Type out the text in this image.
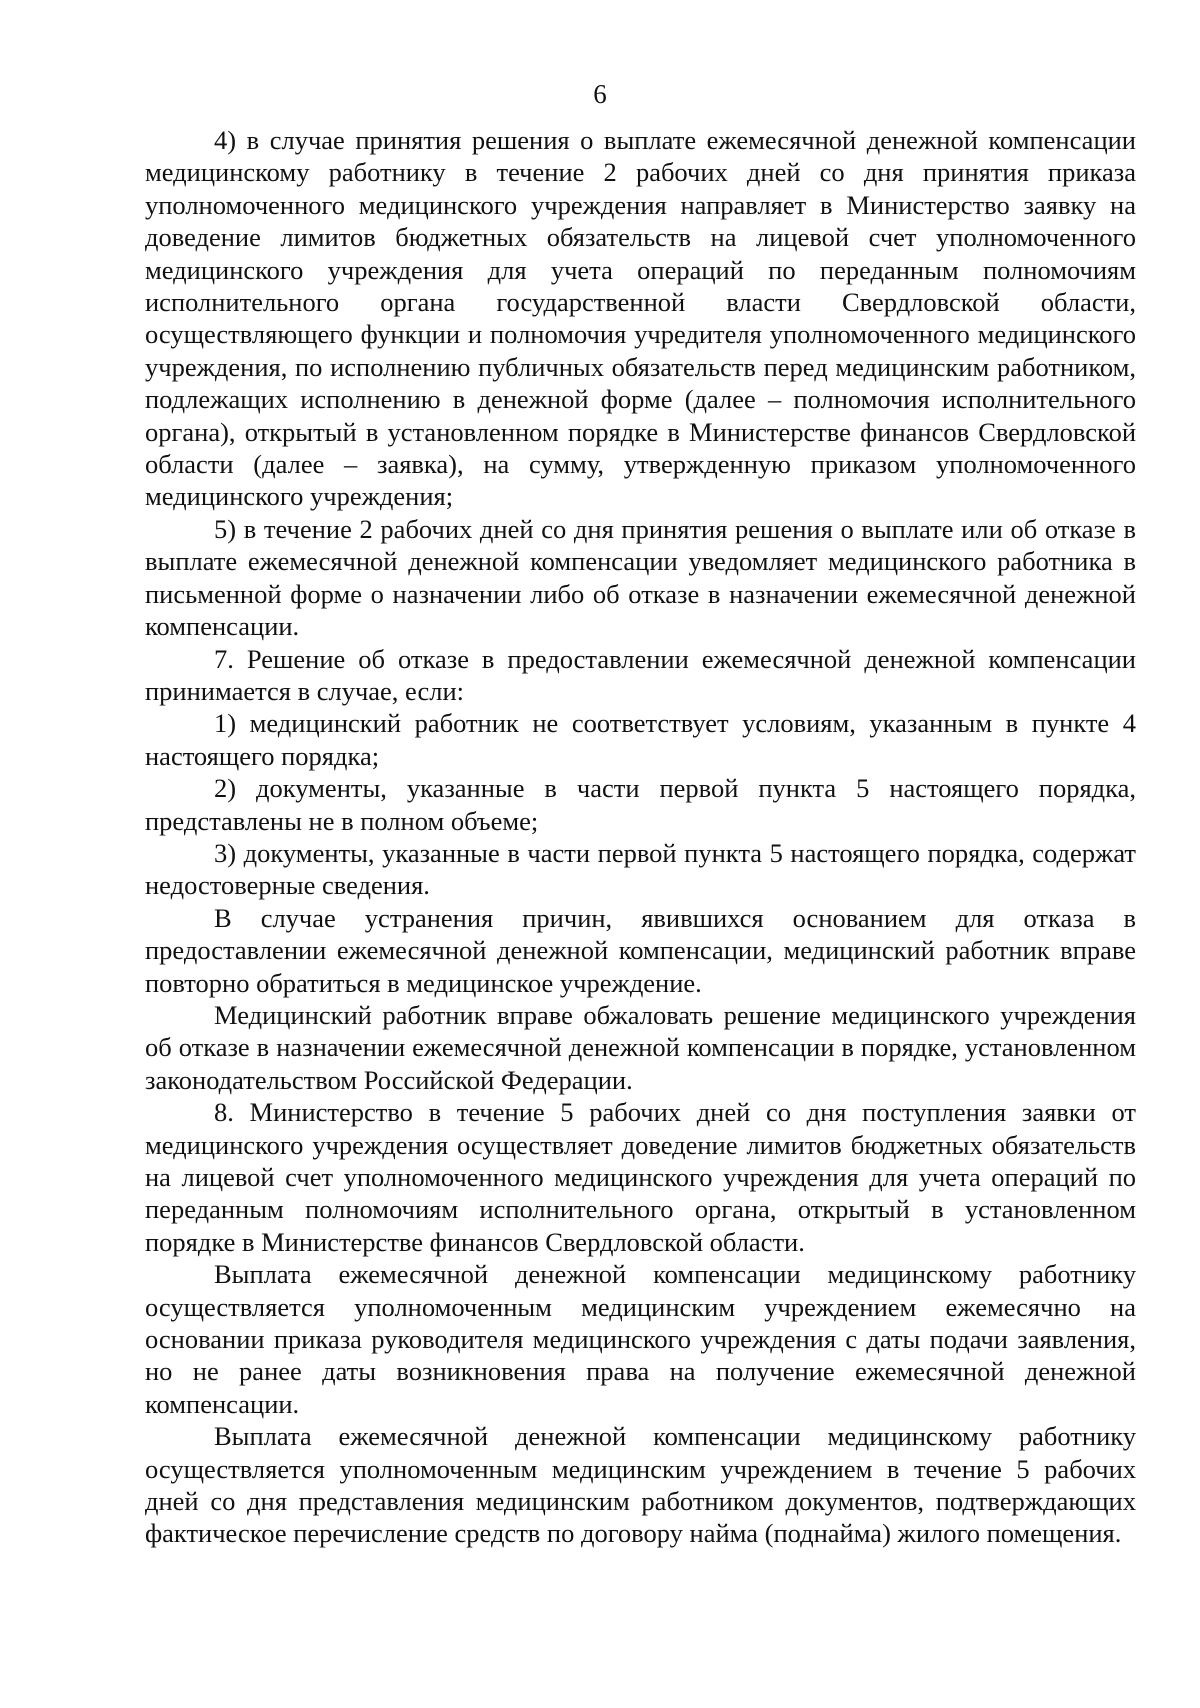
6

4) в случае принятия решения о выплате ежемесячной денежной компенсации медицинскому работнику в течение 2 рабочих дней со дня принятия приказа уполномоченного медицинского учреждения направляет в Министерство заявку на доведение лимитов бюджетных обязательств на лицевой счет уполномоченного медицинского учреждения для учета операций по переданным полномочиям исполнительного органа государственной власти Свердловской области, осуществляющего функции и полномочия учредителя уполномоченного медицинского учреждения, по исполнению публичных обязательств перед медицинским работником, подлежащих исполнению в денежной форме (далее – полномочия исполнительного органа), открытый в установленном порядке в Министерстве финансов Свердловской области (далее – заявка), на сумму, утвержденную приказом уполномоченного медицинского учреждения;

5) в течение 2 рабочих дней со дня принятия решения о выплате или об отказе в выплате ежемесячной денежной компенсации уведомляет медицинского работника в письменной форме о назначении либо об отказе в назначении ежемесячной денежной компенсации.

7. Решение об отказе в предоставлении ежемесячной денежной компенсации принимается в случае, если:

1) медицинский работник не соответствует условиям, указанным в пункте 4 настоящего порядка;

2) документы, указанные в части первой пункта 5 настоящего порядка, представлены не в полном объеме;

3) документы, указанные в части первой пункта 5 настоящего порядка, содержат недостоверные сведения.

В случае устранения причин, явившихся основанием для отказа в предоставлении ежемесячной денежной компенсации, медицинский работник вправе повторно обратиться в медицинское учреждение.

Медицинский работник вправе обжаловать решение медицинского учреждения об отказе в назначении ежемесячной денежной компенсации в порядке, установленном законодательством Российской Федерации.

8. Министерство в течение 5 рабочих дней со дня поступления заявки от медицинского учреждения осуществляет доведение лимитов бюджетных обязательств на лицевой счет уполномоченного медицинского учреждения для учета операций по переданным полномочиям исполнительного органа, открытый в установленном порядке в Министерстве финансов Свердловской области.

Выплата ежемесячной денежной компенсации медицинскому работнику осуществляется уполномоченным медицинским учреждением ежемесячно на основании приказа руководителя медицинского учреждения с даты подачи заявления, но не ранее даты возникновения права на получение ежемесячной денежной компенсации.

Выплата ежемесячной денежной компенсации медицинскому работнику осуществляется уполномоченным медицинским учреждением в течение 5 рабочих дней со дня представления медицинским работником документов, подтверждающих фактическое перечисление средств по договору найма (поднайма) жилого помещения.
